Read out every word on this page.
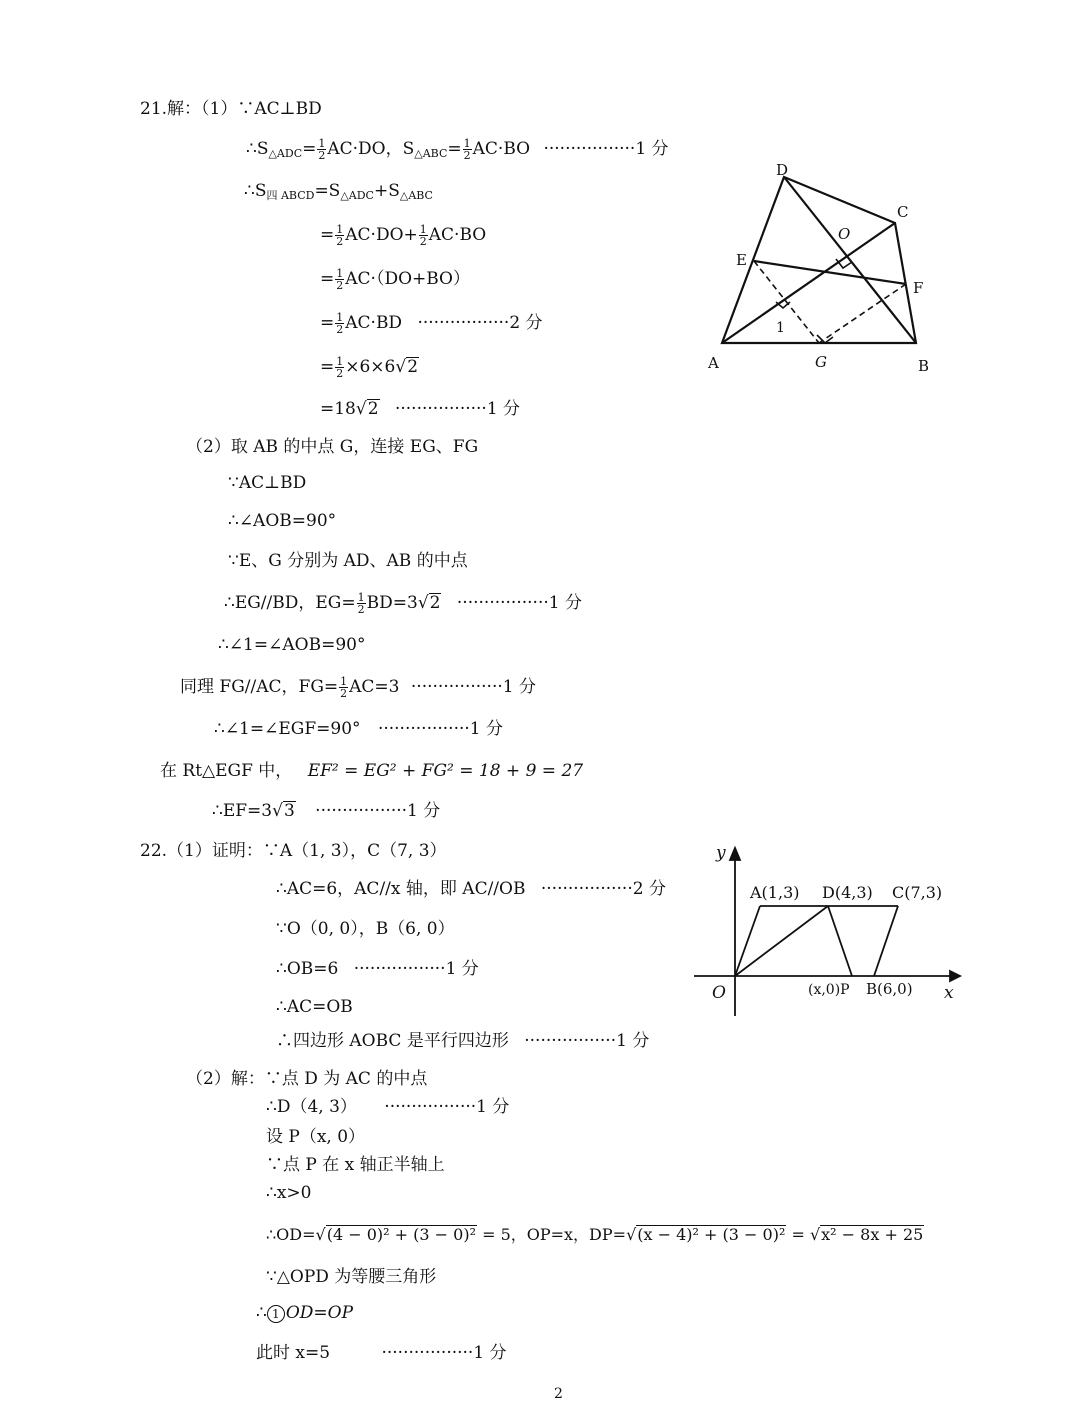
21.解：（1）∵AC⊥BD
$\therefore S_{\triangle ADC}= \frac{1}{2} AC\cdot DO$，$S_{\triangle ABC}= \frac{1}{2} AC\cdot BO \cdot\cdot\cdot\cdot\cdot\cdot\cdot\cdot\cdot\cdot\cdot\cdot\cdot\cdot\cdot\cdot\cdot 1$ 分
$\therefore S_{四 ABCD}=S_{\triangle ADC}+S_{\triangle ABC}$
= $\frac{1}{2} AC\cdot DO+ \frac{1}{2} AC\cdot BO$
= $\frac{1}{2} AC\cdot(DO+BO)$
= $\frac{1}{2} AC\cdot BD \cdot\cdot\cdot\cdot\cdot\cdot\cdot\cdot\cdot\cdot\cdot\cdot\cdot\cdot\cdot\cdot\cdot 2$ 分
= $\frac{1}{2} \times 6\times 6√2$
=18√2 ·················1 分
（2）取 AB 的中点 G，连接 EG、FG
∵AC⊥BD
∴∠AOB=90°
∵E、G 分别为 AD、AB 的中点
∴EG//BD，$EG= \frac{1}{2} BD=3√2 \cdot\cdot\cdot\cdot\cdot\cdot\cdot\cdot\cdot\cdot\cdot\cdot\cdot\cdot\cdot\cdot\cdot 1$ 分
∴∠1=∠AOB=90°
同理 FG//AC，$FG= \frac{1}{2} AC=3 \cdot\cdot\cdot\cdot\cdot\cdot\cdot\cdot\cdot\cdot\cdot\cdot\cdot\cdot\cdot\cdot\cdot 1$ 分
∴∠1=∠EGF=90° ·················1 分
在 Rt△EGF 中， EF² = EG² + FG² = 18 + 9 = 27
∴EF=3√3 ·················1 分
D
C
O
E
F
1
A	G	B
22.（1）证明：∵A（1, 3），C（7, 3）
∴AC=6，AC//x 轴，即 AC//OB ·················2 分
∵O（0, 0），B（6, 0）
∴OB=6 ·················1 分
∴AC=OB
∴四边形 AOBC 是平行四边形 ·················1 分
（2）解：∵点 D 为 AC 的中点
∴D（4, 3） ·················1 分
设 P（x, 0）
∵点 P 在 x 轴正半轴上
∴x>0
∴OD=√(4 − 0)² + (3 − 0)² = 5，OP=x，DP=√(x − 4)² + (3 − 0)² = √x² − 8x + 25
∵△OPD 为等腰三角形
∴ 1 OD=OP
此时 x=5	·················1 分
y
x
O
A(1,3) D(4,3) C(7,3)
(x,0)P B(6,0)
2
